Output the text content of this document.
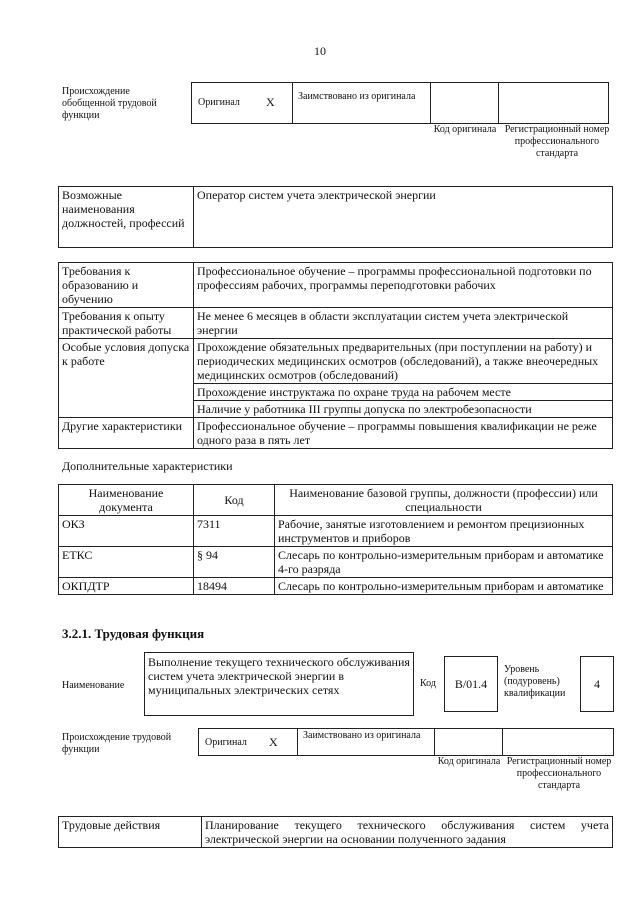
10
Происхождение обобщенной трудовой функции
Оригинал X Заимствовано из оригинала
Код оригинала Регистрационный номер профессионального стандарта
Возможные наименования должностей, профессий	Оператор систем учета электрической энергии
Требования к образованию и обучению	Профессиональное обучение – программы профессиональной подготовки по профессиям рабочих, программы переподготовки рабочих
Требования к опыту практической работы	Не менее 6 месяцев в области эксплуатации систем учета электрической энергии
Особые условия допуска к работе	Прохождение обязательных предварительных (при поступлении на работу) и периодических медицинских осмотров (обследований), а также внеочередных медицинских осмотров (обследований)
	Прохождение инструктажа по охране труда на рабочем месте
	Наличие у работника III группы допуска по электробезопасности
Другие характеристики	Профессиональное обучение – программы повышения квалификации не реже одного раза в пять лет
Дополнительные характеристики
Наименование документа	Код	Наименование базовой группы, должности (профессии) или специальности
ОКЗ	7311	Рабочие, занятые изготовлением и ремонтом прецизионных инструментов и приборов
ЕТКС	§ 94	Слесарь по контрольно-измерительным приборам и автоматике 4-го разряда
ОКПДТР	18494	Слесарь по контрольно-измерительным приборам и автоматике
3.2.1. Трудовая функция
Наименование
Выполнение текущего технического обслуживания систем учета электрической энергии в муниципальных электрических сетях	Код	B/01.4
Уровень (подуровень) квалификации
4
Происхождение трудовой функции
Оригинал X	Заимствовано из оригинала
Код оригинала Регистрационный номер профессионального стандарта
Трудовые действия	Планирование текущего технического обслуживания систем учета электрической энергии на основании полученного задания
